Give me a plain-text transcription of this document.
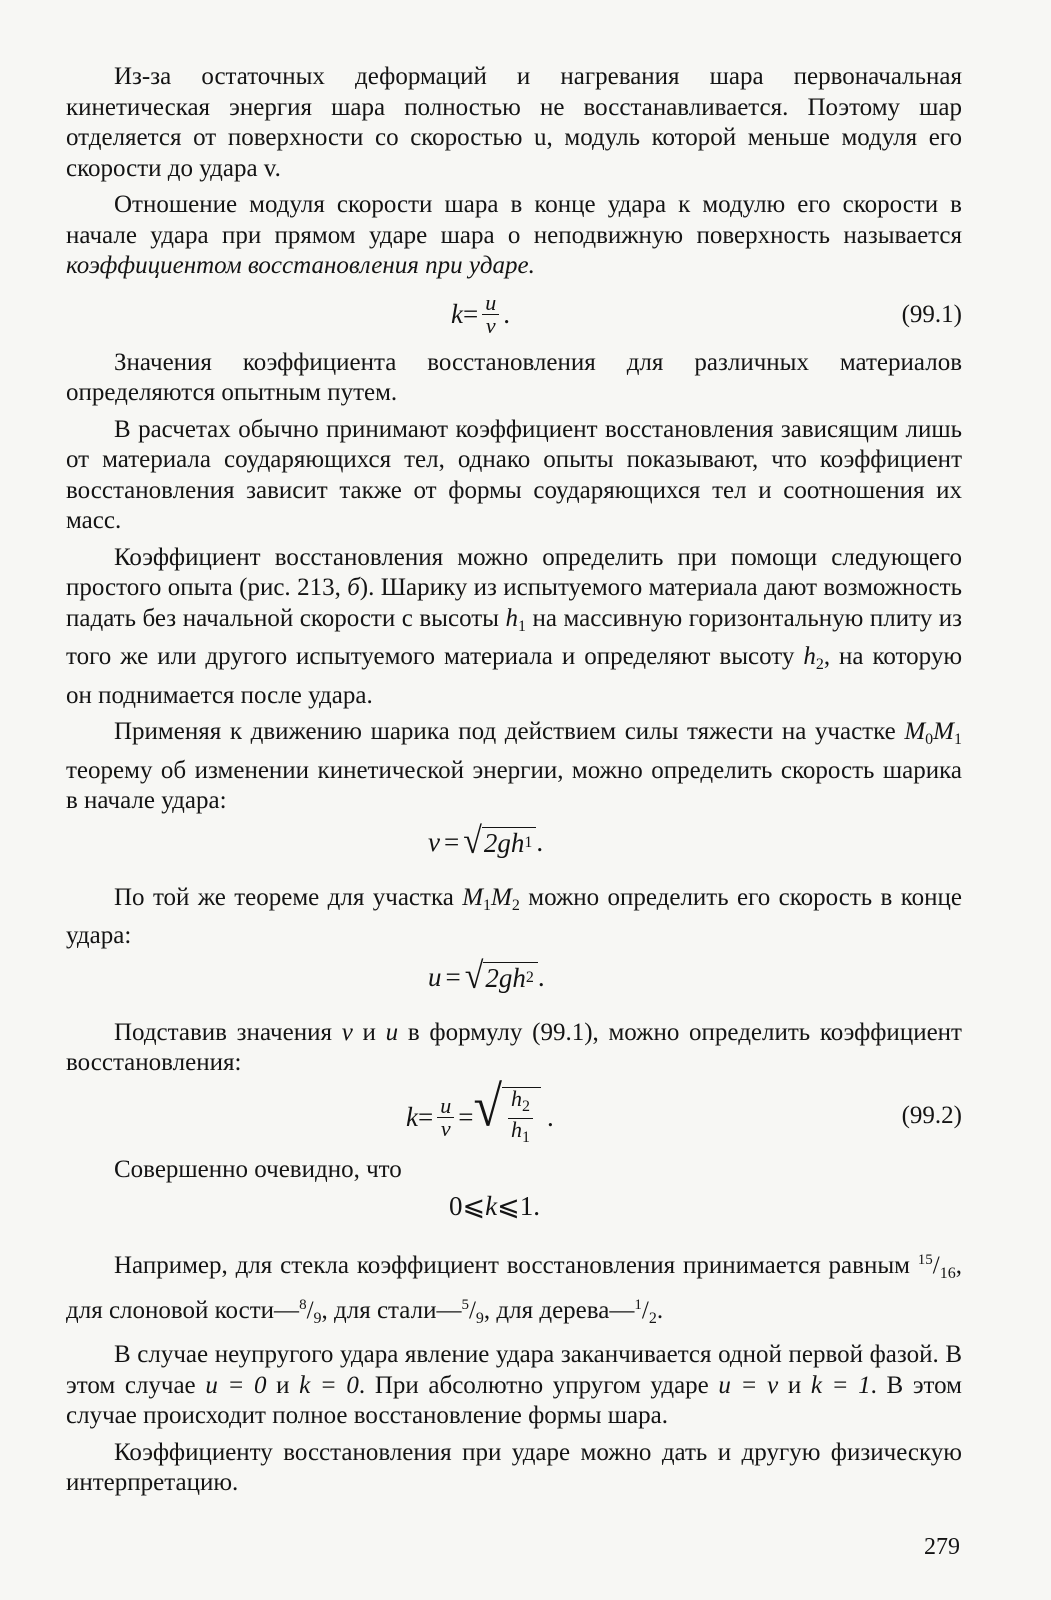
Из-за остаточных деформаций и нагревания шара первоначальная кинетическая энергия шара полностью не восстанавливается. Поэтому шар отделяется от поверхности со скоростью u, модуль которой меньше модуля его скорости до удара v.

Отношение модуля скорости шара в конце удара к модулю его скорости в начале удара при прямом ударе шара о неподвижную поверхность называется коэффициентом восстановления при ударе.

$k = \frac{u}{v}$ .	(99.1)

Значения коэффициента восстановления для различных материалов определяются опытным путем.

В расчетах обычно принимают коэффициент восстановления зависящим лишь от материала соударяющихся тел, однако опыты показывают, что коэффициент восстановления зависит также от формы соударяющихся тел и соотношения их масс.

Коэффициент восстановления можно определить при помощи следующего простого опыта (рис. 213, б). Шарику из испытуемого материала дают возможность падать без начальной скорости с высоты $h_1$ на массивную горизонтальную плиту из того же или другого испытуемого материала и определяют высоту $h_2$, на которую он поднимается после удара.

Применяя к движению шарика под действием силы тяжести на участке $M_0M_1$ теорему об изменении кинетической энергии, можно определить скорость шарика в начале удара:

v = √ 2gh 1 .

По той же теореме для участка $M_1M_2$ можно определить его скорость в конце удара:

u = √ 2gh 2 .

Подставив значения v и u в формулу (99.1), можно определить коэффициент восстановления:

$k = \frac{u}{v}$ = √ $\frac{h_2}{h_1}$ .	(99.2)

Совершенно очевидно, что

0 ⩽ k ⩽ 1 .

Например, для стекла коэффициент восстановления принимается равным $^{15}/_{16}$, для слоновой $кости—^8/_9$, для $стали—^5/_9$, для $дерева—^1/_2$.

В случае неупругого удара явление удара заканчивается одной первой фазой. В этом случае u = 0 и k = 0. При абсолютно упругом ударе u = v и k = 1. В этом случае происходит полное восстановление формы шара.

Коэффициенту восстановления при ударе можно дать и другую физическую интерпретацию.

279
